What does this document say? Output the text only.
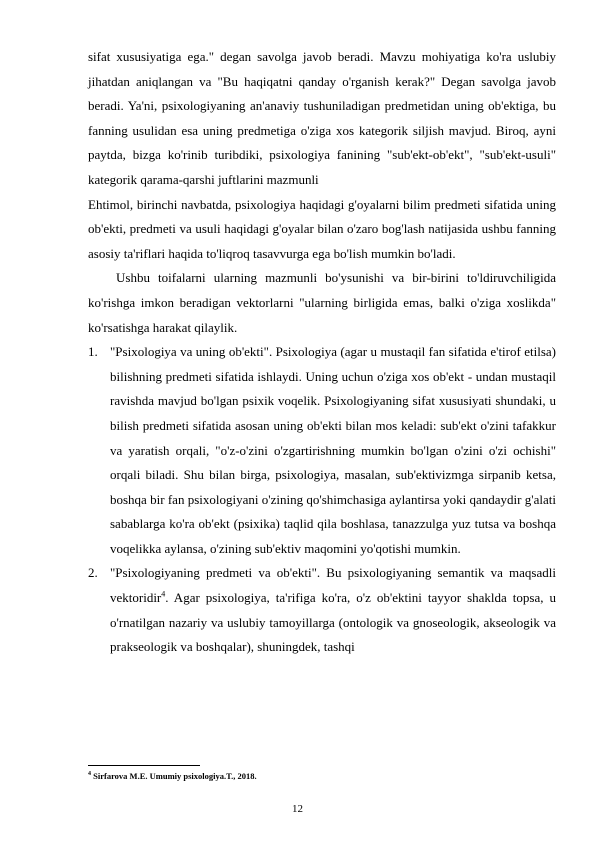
sifat xususiyatiga ega." degan savolga javob beradi. Mavzu mohiyatiga ko'ra uslubiy jihatdan aniqlangan va "Bu haqiqatni qanday o'rganish kerak?" Degan savolga javob beradi. Ya'ni, psixologiyaning an'anaviy tushuniladigan predmetidan uning ob'ektiga, bu fanning usulidan esa uning predmetiga o'ziga xos kategorik siljish mavjud. Biroq, ayni paytda, bizga ko'rinib turibdiki, psixologiya fanining "sub'ekt-ob'ekt", "sub'ekt-usuli" kategorik qarama-qarshi juftlarini mazmunli

Ehtimol, birinchi navbatda, psixologiya haqidagi g'oyalarni bilim predmeti sifatida uning ob'ekti, predmeti va usuli haqidagi g'oyalar bilan o'zaro bog'lash natijasida ushbu fanning asosiy ta'riflari haqida to'liqroq tasavvurga ega bo'lish mumkin bo'ladi.

Ushbu toifalarni ularning mazmunli bo'ysunishi va bir-birini to'ldiruvchiligida ko'rishga imkon beradigan vektorlarni "ularning birligida emas, balki o'ziga xoslikda" ko'rsatishga harakat qilaylik.

1. "Psixologiya va uning ob'ekti". Psixologiya (agar u mustaqil fan sifatida e'tirof etilsa) bilishning predmeti sifatida ishlaydi. Uning uchun o'ziga xos ob'ekt - undan mustaqil ravishda mavjud bo'lgan psixik voqelik. Psixologiyaning sifat xususiyati shundaki, u bilish predmeti sifatida asosan uning ob'ekti bilan mos keladi: sub'ekt o'zini tafakkur va yaratish orqali, "o'z-o'zini o'zgartirishning mumkin bo'lgan o'zini o'zi ochishi" orqali biladi. Shu bilan birga, psixologiya, masalan, sub'ektivizmga sirpanib ketsa, boshqa bir fan psixologiyani o'zining qo'shimchasiga aylantirsa yoki qandaydir g'alati sabablarga ko'ra ob'ekt (psixika) taqlid qila boshlasa, tanazzulga yuz tutsa va boshqa voqelikka aylansa, o'zining sub'ektiv maqomini yo'qotishi mumkin.

2. "Psixologiyaning predmeti va ob'ekti". Bu psixologiyaning semantik va maqsadli vektoridir$^4$. Agar psixologiya, ta'rifiga ko'ra, o'z ob'ektini tayyor shaklda topsa, u o'rnatilgan nazariy va uslubiy tamoyillarga (ontologik va gnoseologik, akseologik va prakseologik va boshqalar), shuningdek, tashqi

$^4$ Sirfarova M.E. Umumiy psixologiya.T., 2018.
12
